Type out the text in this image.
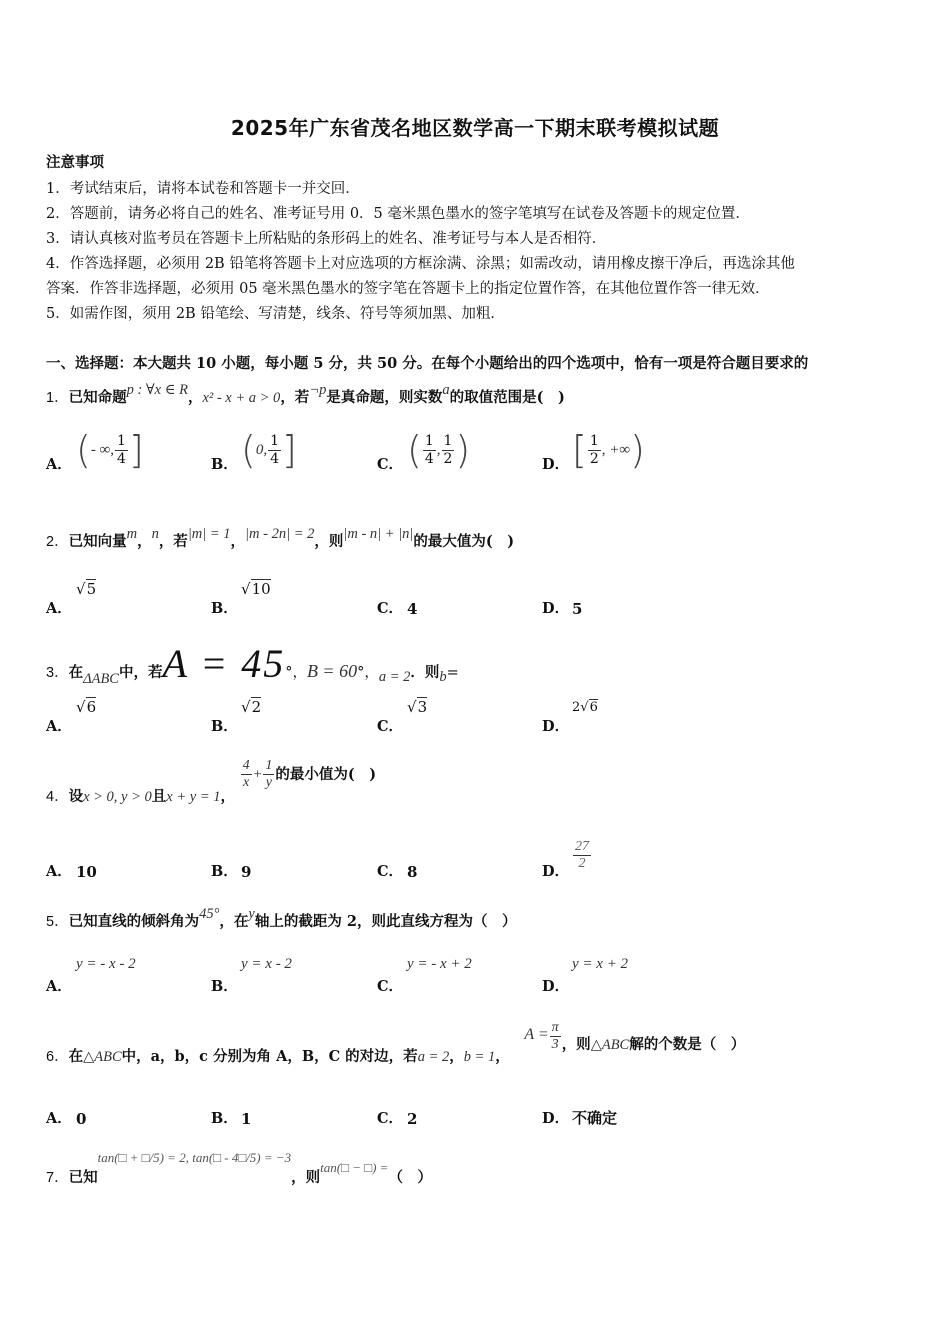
2025年广东省茂名地区数学高一下期末联考模拟试题
注意事项
1．考试结束后，请将本试卷和答题卡一并交回．
2．答题前，请务必将自己的姓名、准考证号用 0．5 毫米黑色墨水的签字笔填写在试卷及答题卡的规定位置．
3．请认真核对监考员在答题卡上所粘贴的条形码上的姓名、准考证号与本人是否相符．
4．作答选择题，必须用 2B 铅笔将答题卡上对应选项的方框涂满、涂黑；如需改动，请用橡皮擦干净后，再选涂其他
答案．作答非选择题，必须用 05 毫米黑色墨水的签字笔在答题卡上的指定位置作答，在其他位置作答一律无效．
5．如需作图，须用 2B 铅笔绘、写清楚，线条、符号等须加黑、加粗．
一、选择题：本大题共 10 小题，每小题 5 分，共 50 分。在每个小题给出的四个选项中，恰有一项是符合题目要求的
1．已知命题p : ∀x ∈ R，x² - x + a > 0，若¬p是真命题，则实数a的取值范围是(　)
A． (- ∞, $\frac{1}{4}$ ]	B． (0, $\frac{1}{4}$ ]	C． ( $\frac{1}{4}$ , $\frac{1}{2}$ )	D． [ $\frac{1}{2}$ , +∞)
2．已知向量m，n，若|m| = 1，|m - 2n| = 2，则|m - n| + |n|的最大值为(　)
A．
√5
B．
√10
C． 4	D． 5
3．在ΔABC中，若A = 45°，B = 60°，a = 2．则b=
A．
√6
B．
√2
C．
√3
D．
2√6
4．设x > 0, y > 0且x + y = 1，
$\frac{4}{x} + \frac{1}{y}$ 的最小值为(　)
A． 10	B． 9	C． 8	D． $\frac{27}{2}$
5．已知直线的倾斜角为45°，在y轴上的截距为 2，则此直线方程为（　）
A．
y = - x - 2
B．
y = x - 2
C．
y = - x + 2
D．
y = x + 2
6．在△ABC中，a，b，c 分别为角 A，B，C 的对边，若a = 2，b = 1， $A = \frac{\pi}{3}$ ，则△ABC解的个数是（　）
A． 0	B． 1	C． 2	D． 不确定
7．已知tan(□ + □/5) = 2, tan(□ - 4□/5) = −3，则tan(□ − □) =（　）
